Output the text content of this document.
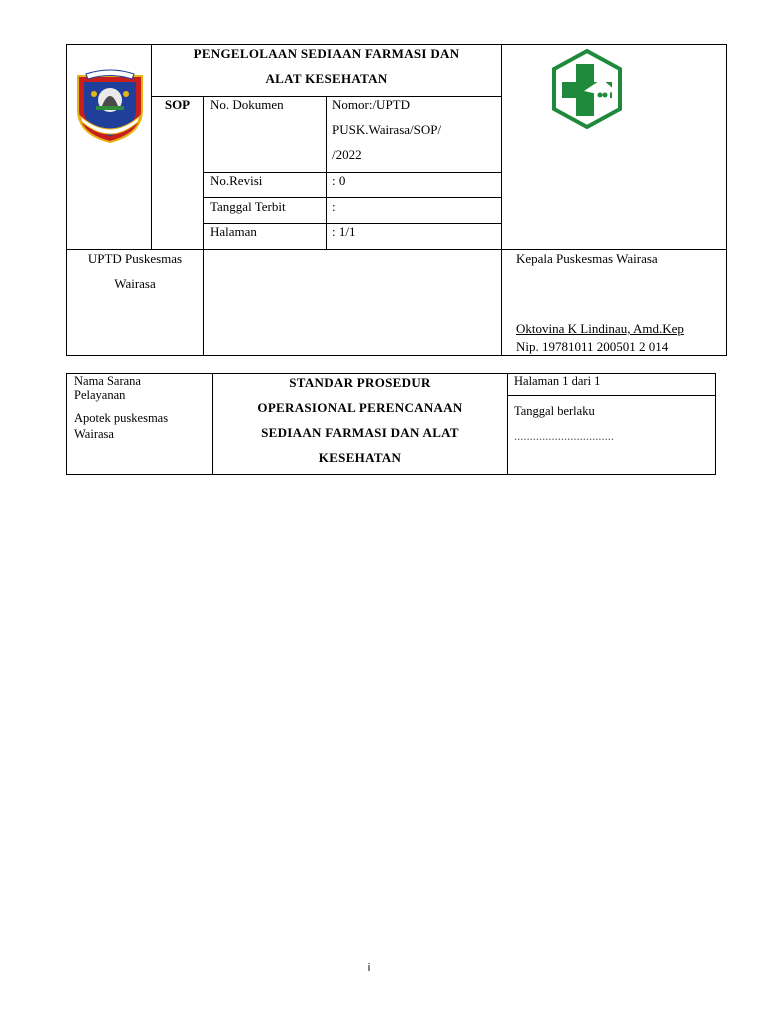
PENGELOLAAN SEDIAAN FARMASI DAN
ALAT KESEHATAN
SOP	No. Dokumen
No.Revisi
Tanggal Terbit
Halaman
Nomor:/UPTD
PUSK.Wairasa/SOP/
/2022
: 0
:
: 1/1
UPTD Puskesmas
Wairasa
Kepala Puskesmas Wairasa
Oktovina K Lindinau, Amd.Kep
Nip. 19781011 200501 2 014
Nama Sarana
Pelayanan
Apotek puskesmas
Wairasa
STANDAR PROSEDUR
OPERASIONAL PERENCANAAN
SEDIAAN FARMASI DAN ALAT
KESEHATAN
Halaman 1 dari 1
Tanggal berlaku
................................
i
